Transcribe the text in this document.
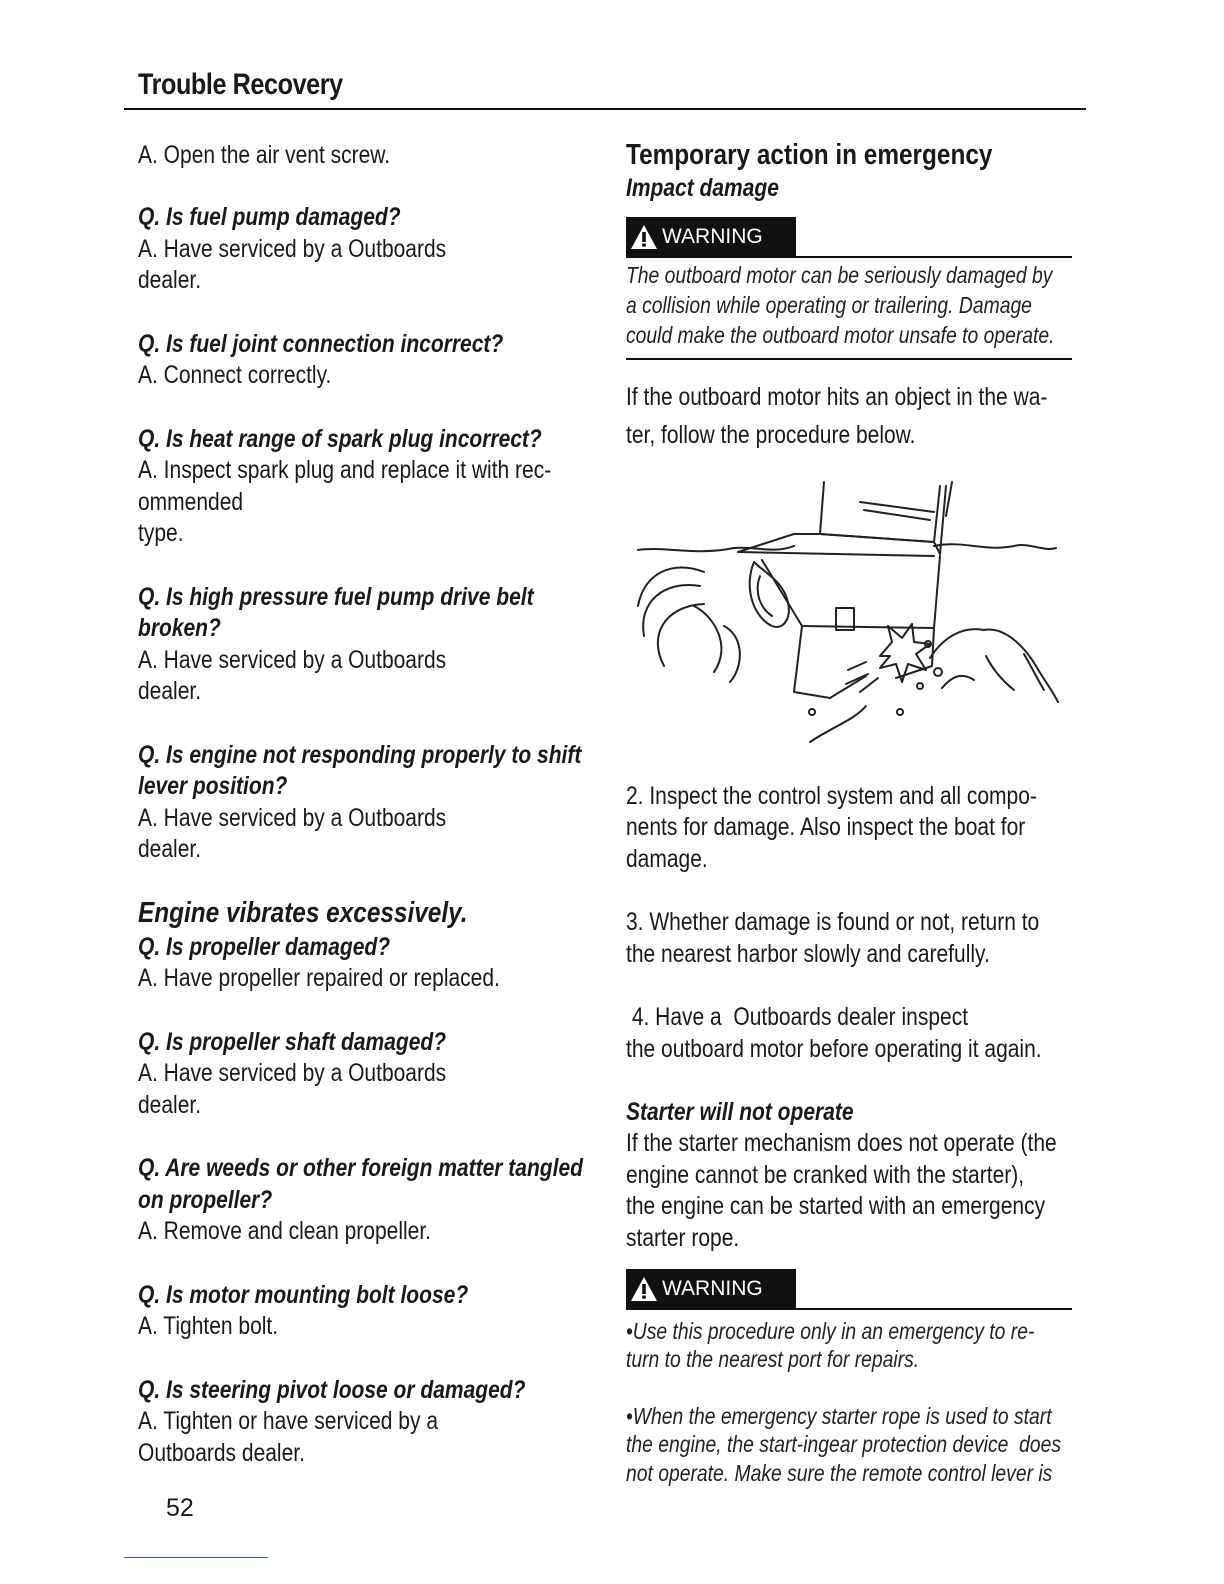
Trouble Recovery
A. Open the air vent screw.
Q. Is fuel pump damaged?
A. Have serviced by a Outboards
dealer.
Q. Is fuel joint connection incorrect?
A. Connect correctly.
Q. Is heat range of spark plug incorrect?
A. Inspect spark plug and replace it with rec-
ommended
type.
Q. Is high pressure fuel pump drive belt
broken?
A. Have serviced by a Outboards
dealer.
Q. Is engine not responding properly to shift
lever position?
A. Have serviced by a Outboards
dealer.
Engine vibrates excessively.
Q. Is propeller damaged?
A. Have propeller repaired or replaced.
Q. Is propeller shaft damaged?
A. Have serviced by a Outboards
dealer.
Q. Are weeds or other foreign matter tangled
on propeller?
A. Remove and clean propeller.
Q. Is motor mounting bolt loose?
A. Tighten bolt.
Q. Is steering pivot loose or damaged?
A. Tighten or have serviced by a
Outboards dealer.
52
Temporary action in emergency
Impact damage
WARNING
The outboard motor can be seriously damaged by
a collision while operating or trailering. Damage
could make the outboard motor unsafe to operate.
If the outboard motor hits an object in the wa-
ter, follow the procedure below.
2. Inspect the control system and all compo-
nents for damage. Also inspect the boat for
damage.
3. Whether damage is found or not, return to
the nearest harbor slowly and carefully.
4. Have a  Outboards dealer inspect
the outboard motor before operating it again.
Starter will not operate
If the starter mechanism does not operate (the
engine cannot be cranked with the starter),
the engine can be started with an emergency
starter rope.
WARNING
•Use this procedure only in an emergency to re-
turn to the nearest port for repairs.
•When the emergency starter rope is used to start
the engine, the start-ingear protection device  does
not operate. Make sure the remote control lever is
